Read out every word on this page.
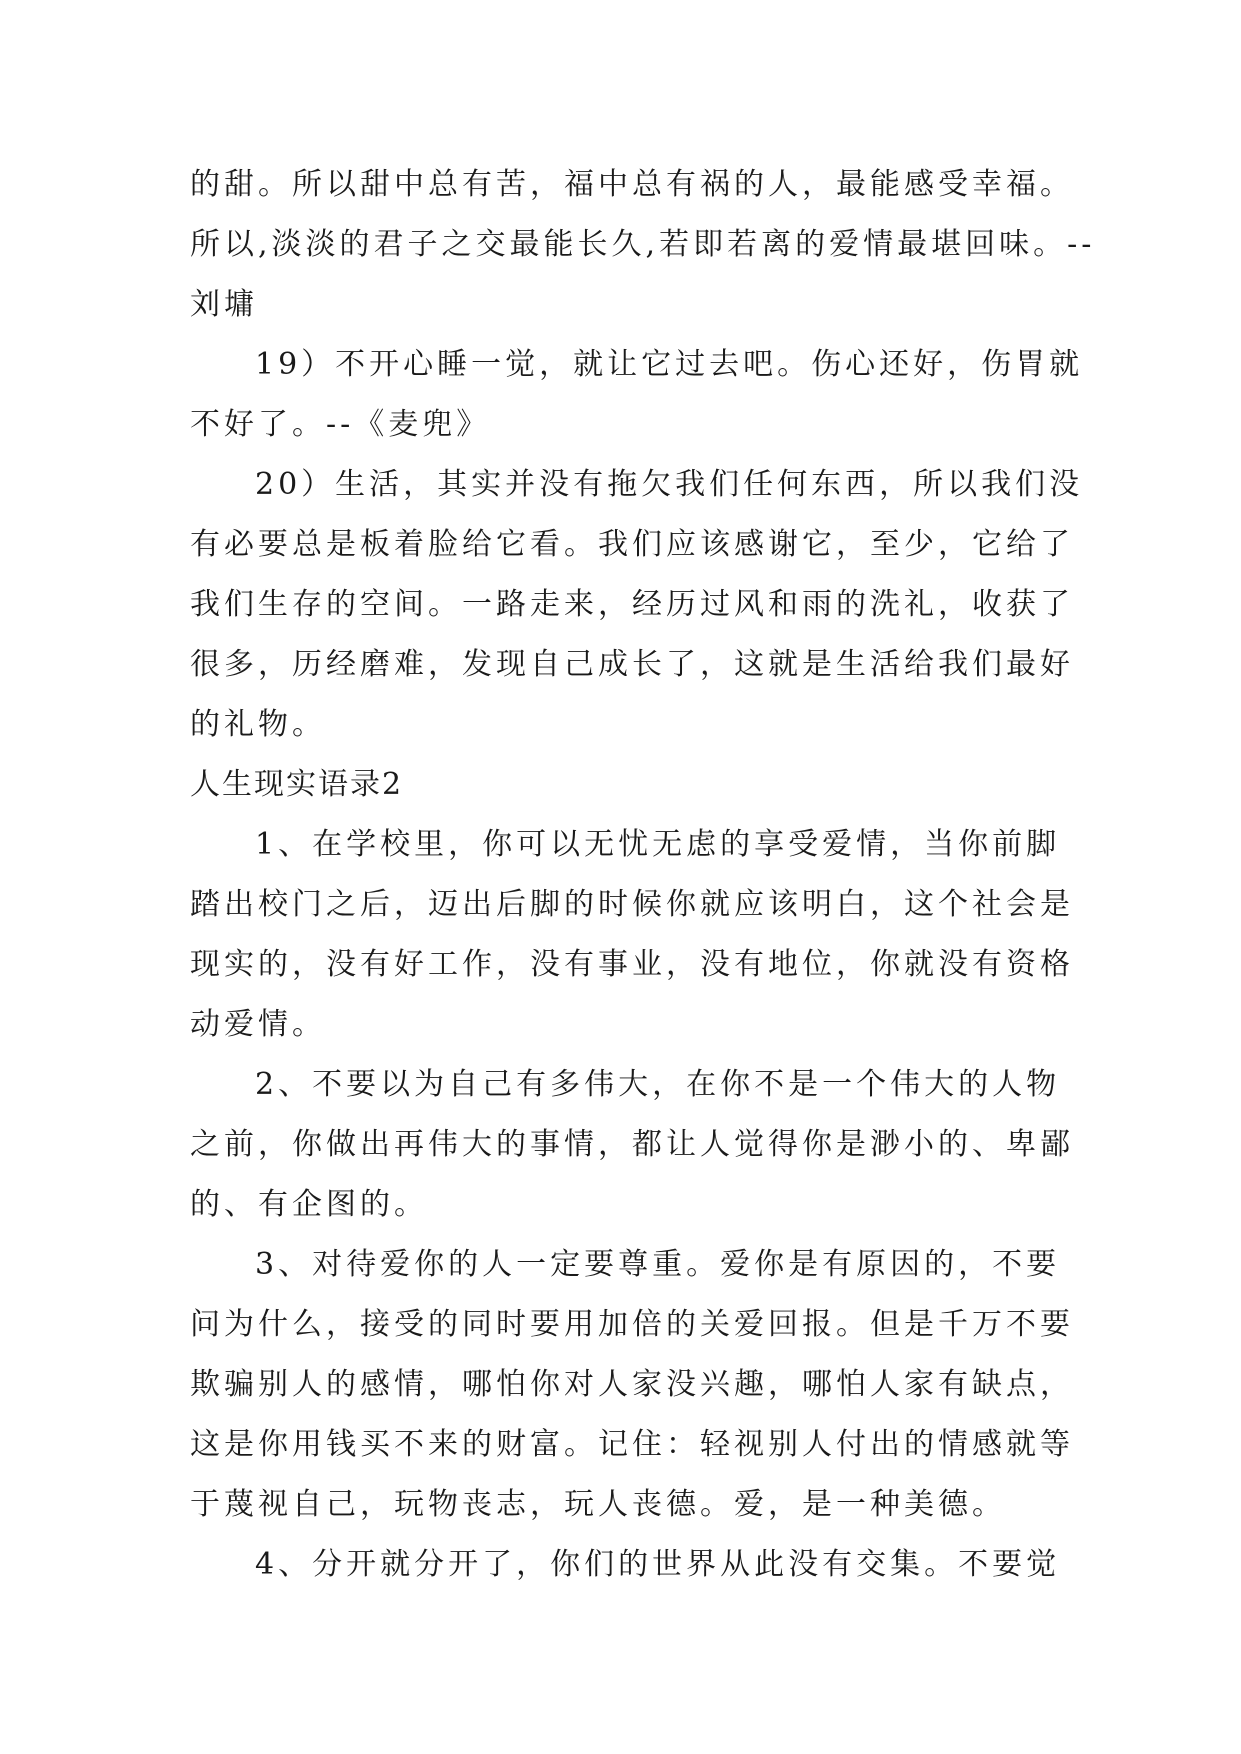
的甜。所以甜中总有苦，福中总有祸的人，最能感受幸福。
所以,淡淡的君子之交最能长久,若即若离的爱情最堪回味。--
刘墉
19）不开心睡一觉，就让它过去吧。伤心还好，伤胃就
不好了。--《麦兜》
20）生活，其实并没有拖欠我们任何东西，所以我们没
有必要总是板着脸给它看。我们应该感谢它，至少，它给了
我们生存的空间。一路走来，经历过风和雨的洗礼，收获了
很多，历经磨难，发现自己成长了，这就是生活给我们最好
的礼物。
人生现实语录2
1、在学校里，你可以无忧无虑的享受爱情，当你前脚
踏出校门之后，迈出后脚的时候你就应该明白，这个社会是
现实的，没有好工作，没有事业，没有地位，你就没有资格
动爱情。
2、不要以为自己有多伟大，在你不是一个伟大的人物
之前，你做出再伟大的事情，都让人觉得你是渺小的、卑鄙
的、有企图的。
3、对待爱你的人一定要尊重。爱你是有原因的，不要
问为什么，接受的同时要用加倍的关爱回报。但是千万不要
欺骗别人的感情，哪怕你对人家没兴趣，哪怕人家有缺点，
这是你用钱买不来的财富。记住：轻视别人付出的情感就等
于蔑视自己，玩物丧志，玩人丧德。爱，是一种美德。
4、分开就分开了，你们的世界从此没有交集。不要觉
